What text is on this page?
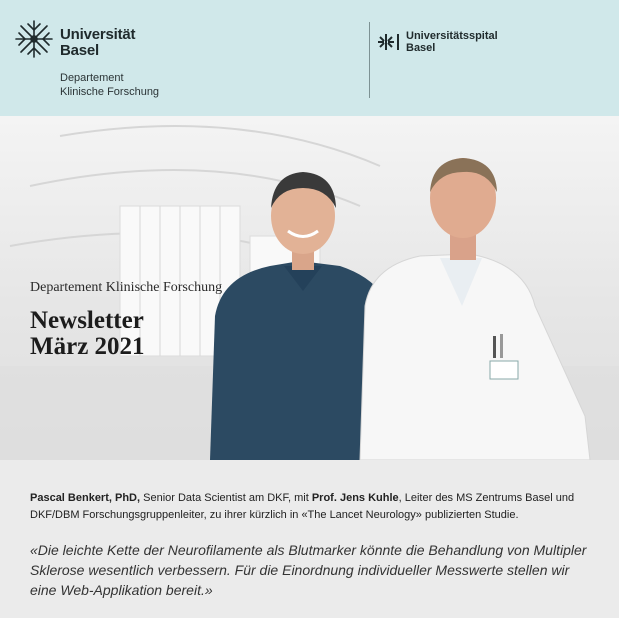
Universität
Basel
Departement
Klinische Forschung
Universitätsspital
Basel
Departement Klinische Forschung
Newsletter
März 2021
Pascal Benkert, PhD, Senior Data Scientist am DKF, mit Prof. Jens Kuhle, Leiter des MS Zentrums Basel und DKF/DBM Forschungsgruppenleiter, zu ihrer kürzlich in «The Lancet Neurology» publizierten Studie.
«Die leichte Kette der Neurofilamente als Blutmarker könnte die Behandlung von Multipler Sklerose wesentlich verbessern. Für die Einordnung individueller Messwerte stellen wir eine Web-Applikation bereit.»
